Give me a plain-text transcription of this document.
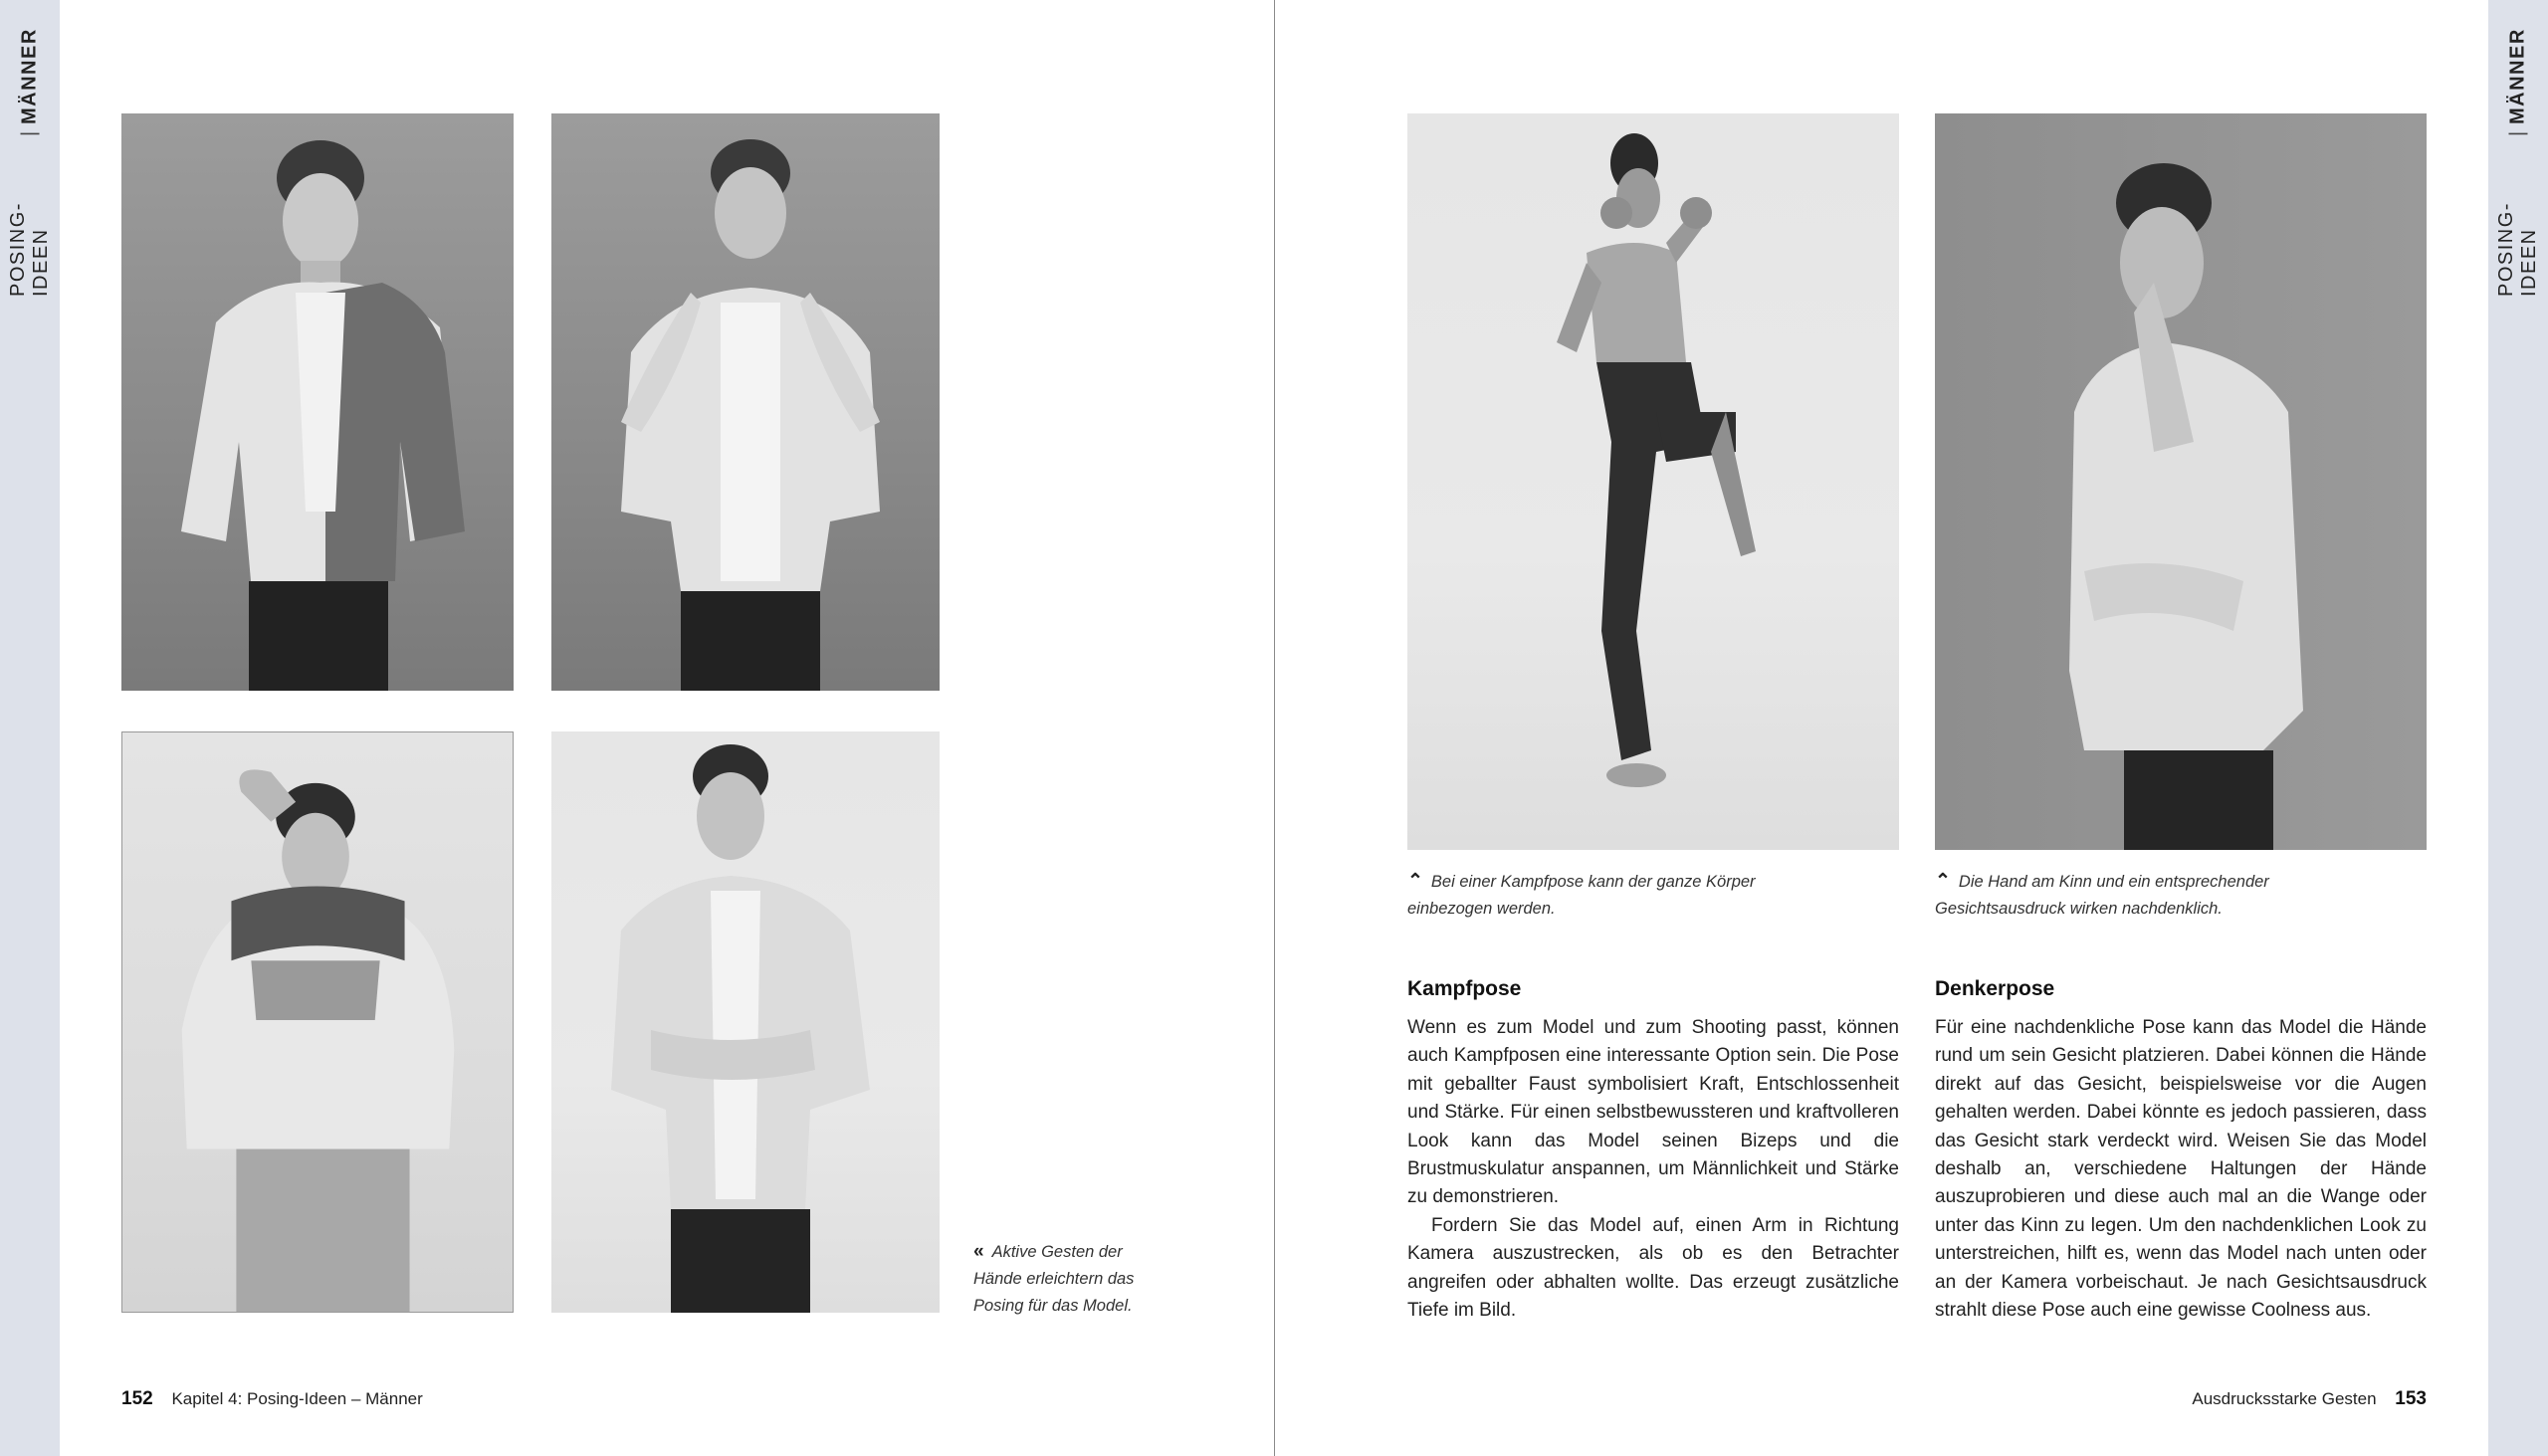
POSING-IDEEN
|
MÄNNER
« Aktive Gesten der Hände erleichtern das Posing für das Model.
152 Kapitel 4: Posing-Ideen – Männer
POSING-IDEEN
|
MÄNNER
⌃ Bei einer Kampfpose kann der ganze Körper einbezogen werden.
⌃ Die Hand am Kinn und ein entsprechender Gesichtsausdruck wirken nachdenklich.
Kampfpose	Denkerpose

Wenn es zum Model und zum Shooting passt, können auch Kampfposen eine interessante Option sein. Die Pose mit geballter Faust symbolisiert Kraft, Entschlossenheit und Stärke. Für einen selbstbewussteren und kraftvolleren Look kann das Model seinen Bizeps und die Brustmuskulatur anspannen, um Männlichkeit und Stärke zu demonstrieren.

Fordern Sie das Model auf, einen Arm in Richtung Kamera auszustrecken, als ob es den Betrachter angreifen oder abhalten wollte. Das erzeugt zusätzliche Tiefe im Bild.

Für eine nachdenkliche Pose kann das Model die Hände rund um sein Gesicht platzieren. Dabei können die Hände direkt auf das Gesicht, beispielsweise vor die Augen gehalten werden. Dabei könnte es jedoch passieren, dass das Gesicht stark verdeckt wird. Weisen Sie das Model deshalb an, verschiedene Haltungen der Hände auszuprobieren und diese auch mal an die Wange oder unter das Kinn zu legen. Um den nachdenklichen Look zu unterstreichen, hilft es, wenn das Model nach unten oder an der Kamera vorbeischaut. Je nach Gesichtsausdruck strahlt diese Pose auch eine gewisse Coolness aus.

Ausdrucksstarke Gesten 153
